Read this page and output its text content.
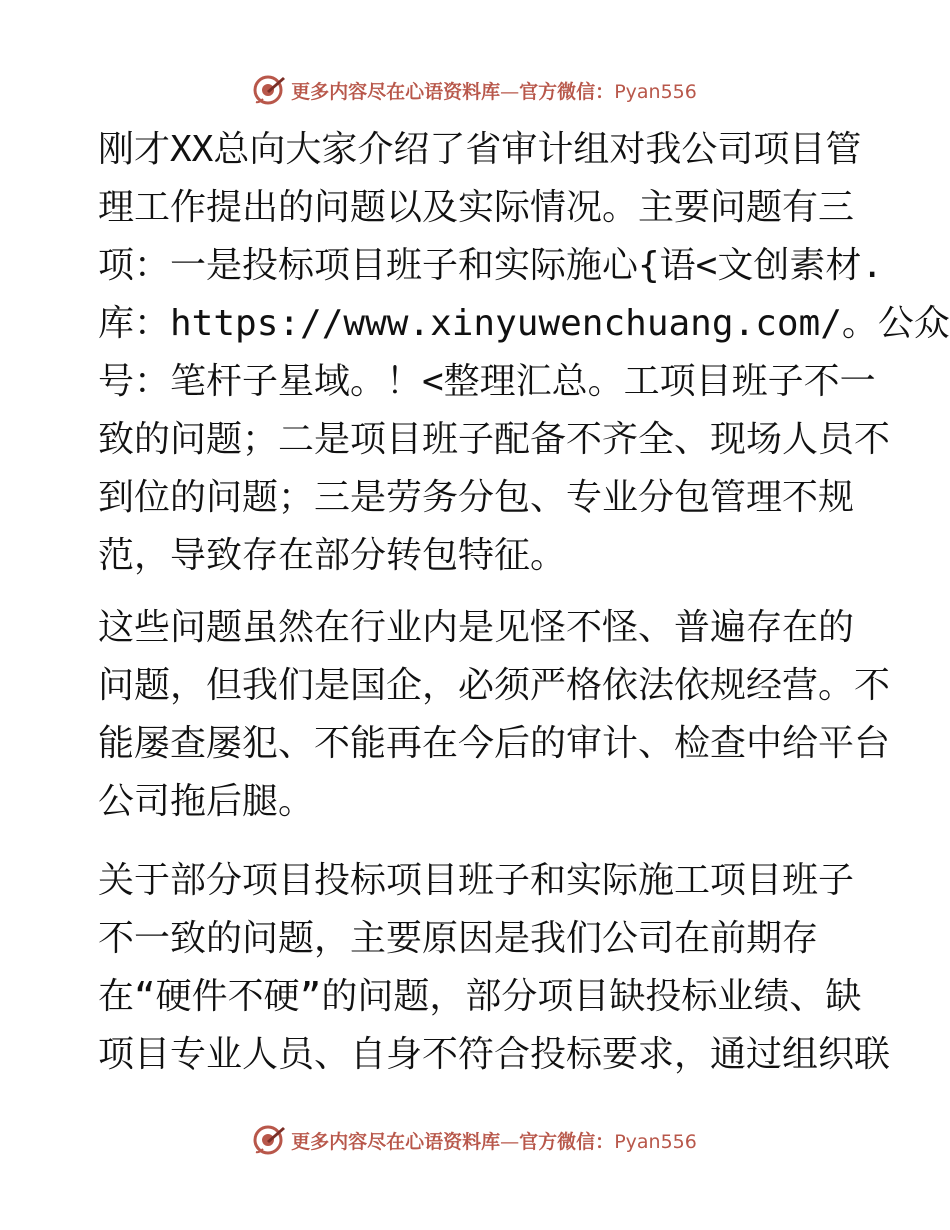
更多内容尽在心语资料库—官方微信：Pyan556
刚才XX总向大家介绍了省审计组对我公司项目管
理工作提出的问题以及实际情况。主要问题有三
项：一是投标项目班子和实际施心{语<文创素材.
库：https://www.xinyuwenchuang.com/。公众
号：笔杆子星域。！<整理汇总。工项目班子不一
致的问题；二是项目班子配备不齐全、现场人员不
到位的问题；三是劳务分包、专业分包管理不规
范，导致存在部分转包特征。
这些问题虽然在行业内是见怪不怪、普遍存在的
问题，但我们是国企，必须严格依法依规经营。不
能屡查屡犯、不能再在今后的审计、检查中给平台
公司拖后腿。
关于部分项目投标项目班子和实际施工项目班子
不一致的问题，主要原因是我们公司在前期存
在“硬件不硬”的问题，部分项目缺投标业绩、缺
项目专业人员、自身不符合投标要求，通过组织联
更多内容尽在心语资料库—官方微信：Pyan556
